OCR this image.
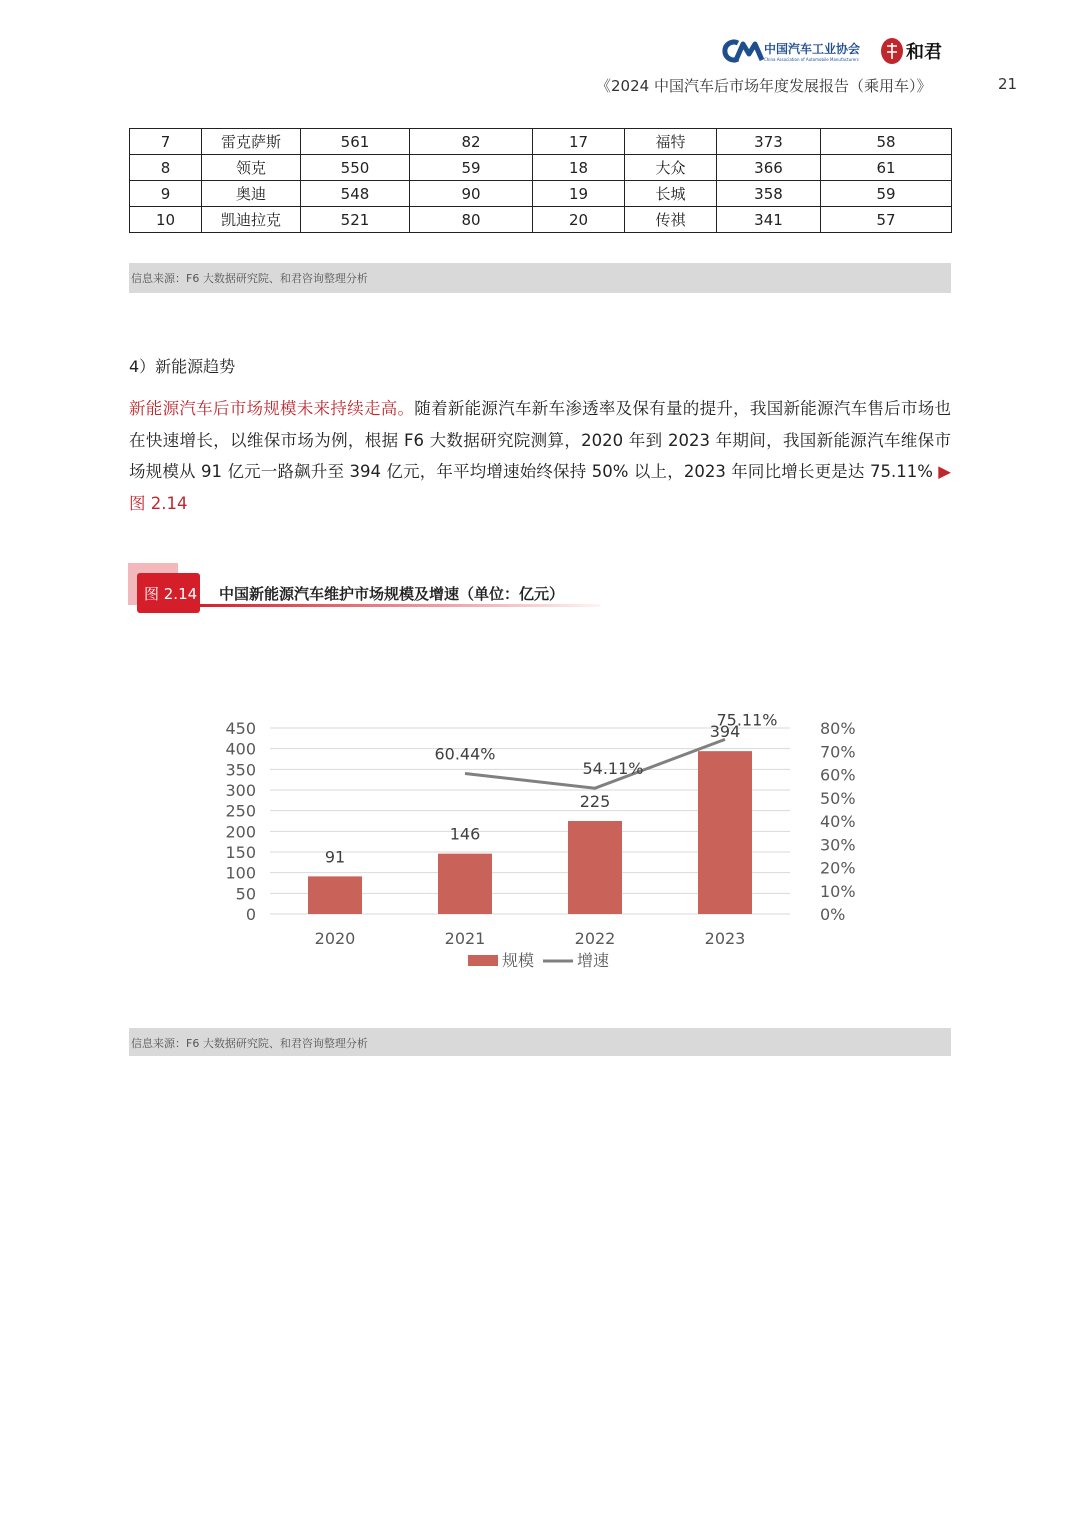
中国汽车工业协会
China Association of Automobile Manufacturers	和君
《2024 中国汽车后市场年度发展报告（乘用车）》	21
7	雷克萨斯	561	82	17	福特	373	58
8	领克	550	59	18	大众	366	61
9	奥迪	548	90	19	长城	358	59
10	凯迪拉克	521	80	20	传祺	341	57
信息来源：F6 大数据研究院、和君咨询整理分析
4）新能源趋势
新能源汽车后市场规模未来持续走高。随着新能源汽车新车渗透率及保有量的提升，我国新能源汽车售后市场也在快速增长，以维保市场为例，根据 F6 大数据研究院测算，2020 年到 2023 年期间，我国新能源汽车维保市场规模从 91 亿元一路飙升至 394 亿元，年平均增速始终保持 50% 以上，2023 年同比增长更是达 75.11% ▶图 2.14
图 2.14 中国新能源汽车维护市场规模及增速（单位：亿元）
0
50
100
150
200
250
300
350
400
450
0%
10%
20%
30%
40%
50%
60%
70%
80%
91
2020
146
2021
225
2022
394
2023
60.44%
54.11%
75.11%
规模	增速
信息来源：F6 大数据研究院、和君咨询整理分析
